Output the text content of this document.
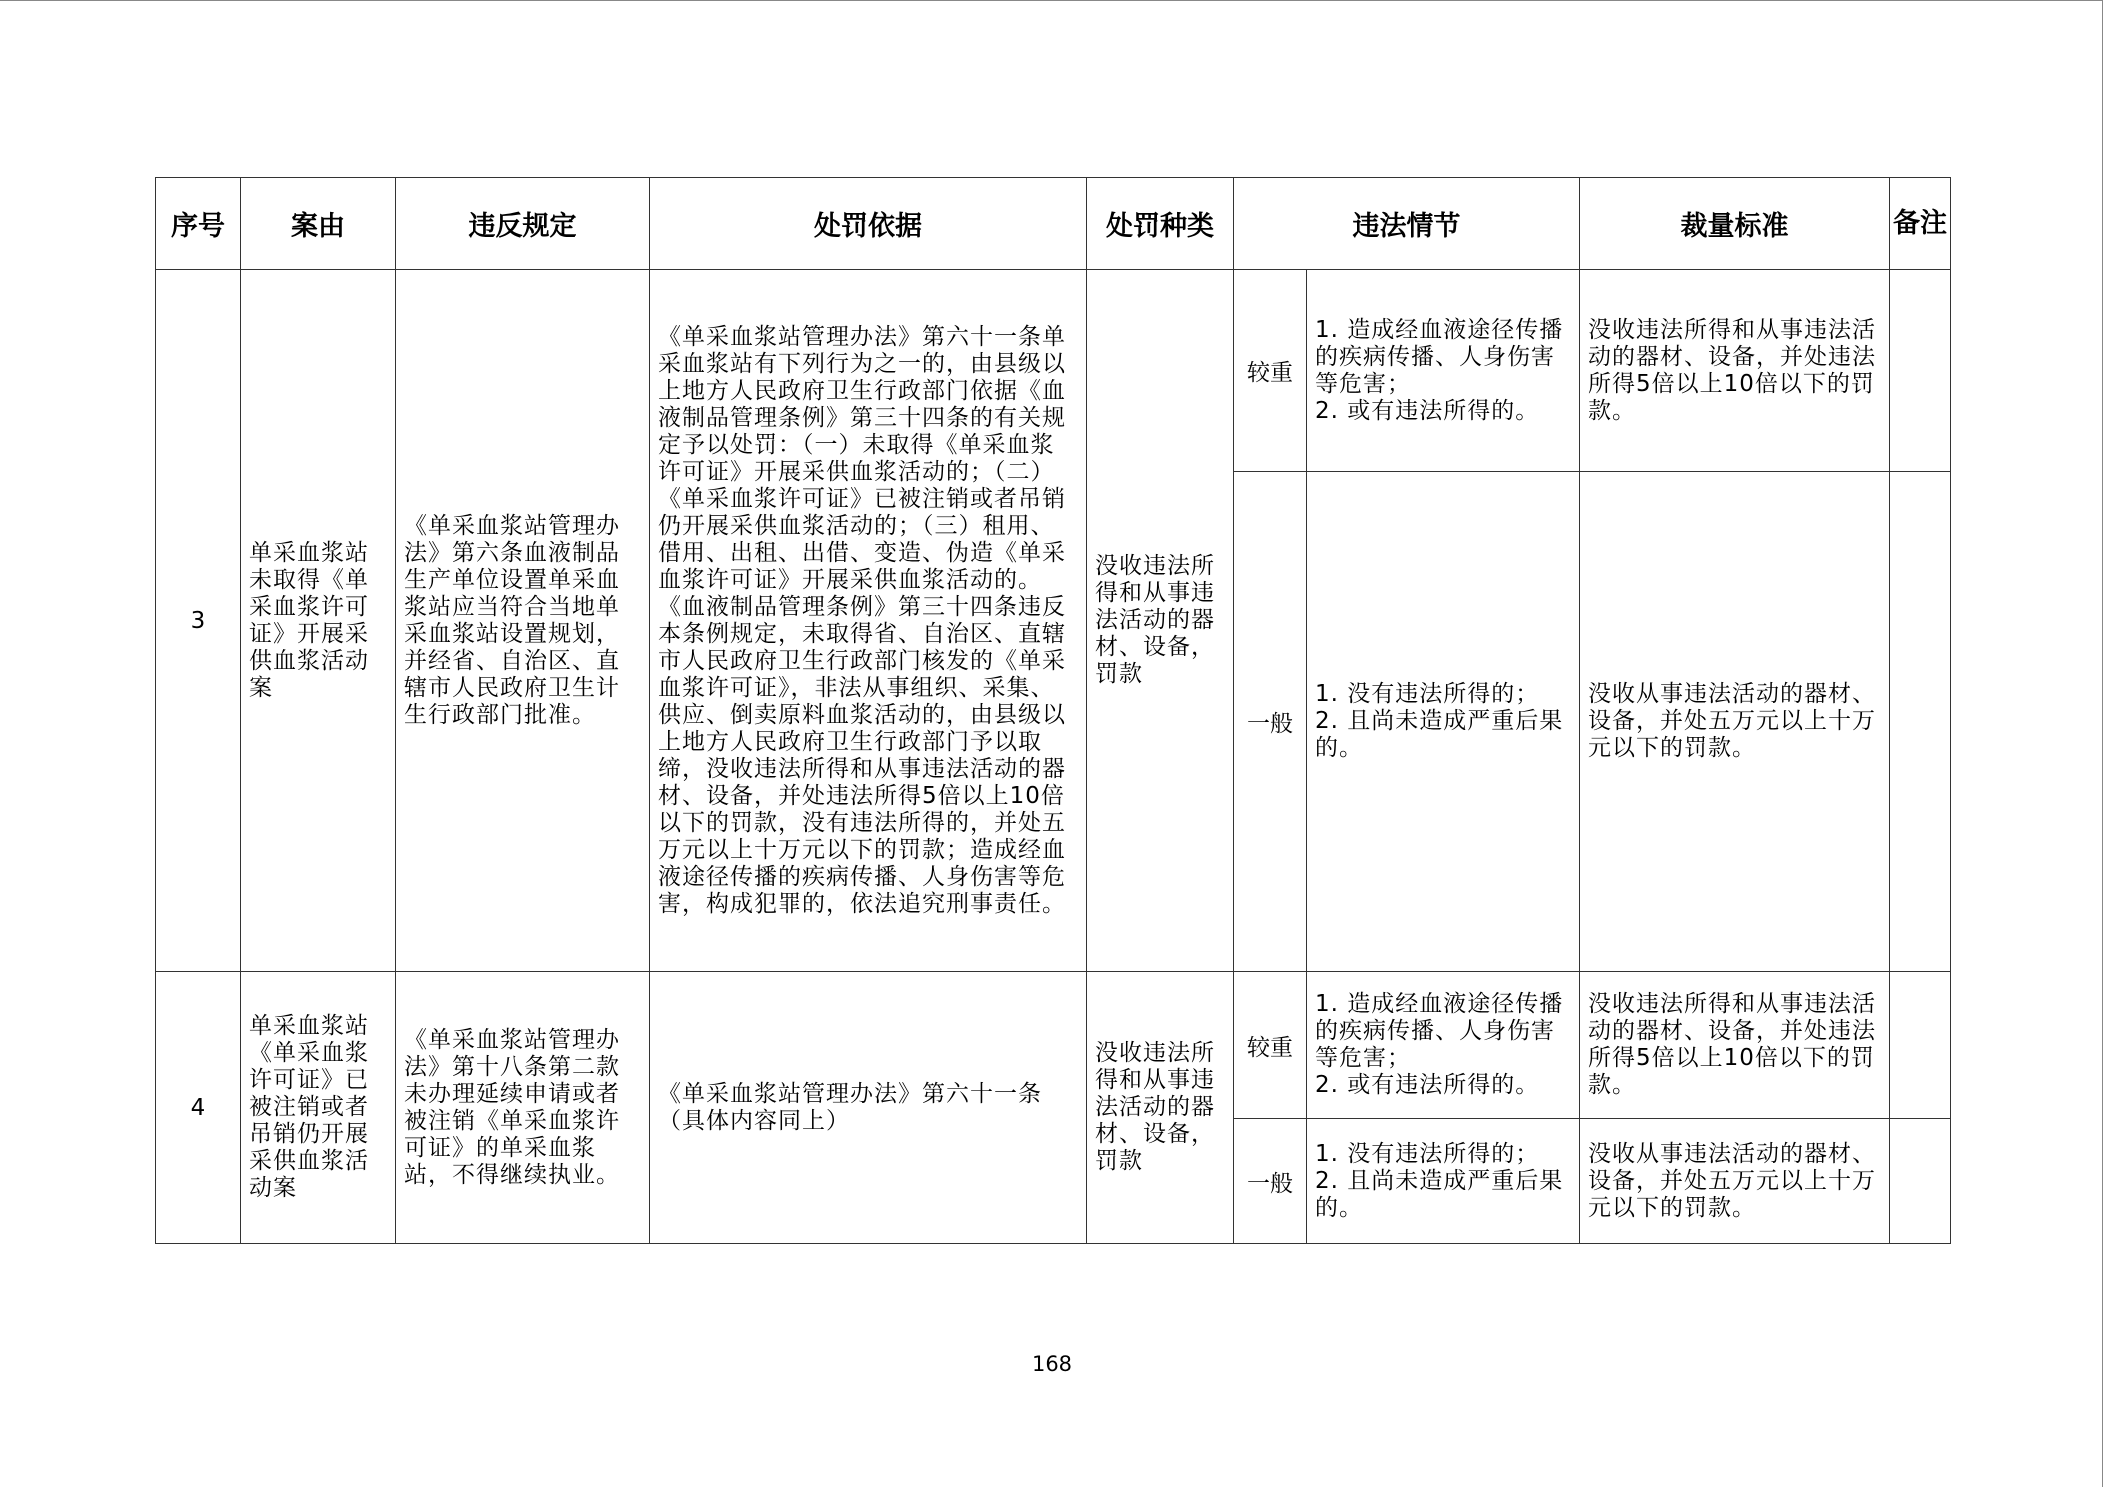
序号	案由	违反规定	处罚依据	处罚种类	违法情节		裁量标准	备注
3	单采血浆站未取得《单采血浆许可证》开展采供血浆活动案	《单采血浆站管理办法》第六条血液制品生产单位设置单采血浆站应当符合当地单采血浆站设置规划，并经省、自治区、直辖市人民政府卫生计生行政部门批准。	《单采血浆站管理办法》第六十一条单采血浆站有下列行为之一的，由县级以上地方人民政府卫生行政部门依据《血液制品管理条例》第三十四条的有关规定予以处罚：（一）未取得《单采血浆许可证》开展采供血浆活动的；（二）《单采血浆许可证》已被注销或者吊销仍开展采供血浆活动的；（三）租用、借用、出租、出借、变造、伪造《单采血浆许可证》开展采供血浆活动的。《血液制品管理条例》第三十四条违反本条例规定，未取得省、自治区、直辖市人民政府卫生行政部门核发的《单采血浆许可证》，非法从事组织、采集、供应、倒卖原料血浆活动的，由县级以上地方人民政府卫生行政部门予以取缔，没收违法所得和从事违法活动的器材、设备，并处违法所得5倍以上10倍以下的罚款，没有违法所得的，并处五万元以上十万元以下的罚款；造成经血液途径传播的疾病传播、人身伤害等危害，构成犯罪的，依法追究刑事责任。	没收违法所得和从事违法活动的器材、设备，罚款	较重	1. 造成经血液途径传播的疾病传播、人身伤害等危害；
2. 或有违法所得的。	没收违法所得和从事违法活动的器材、设备，并处违法所得5倍以上10倍以下的罚款。	

					一般	1. 没有违法所得的；
2. 且尚未造成严重后果的。	没收从事违法活动的器材、设备，并处五万元以上十万元以下的罚款。	

4	单采血浆站《单采血浆许可证》已被注销或者吊销仍开展采供血浆活动案	《单采血浆站管理办法》第十八条第二款未办理延续申请或者被注销《单采血浆许可证》的单采血浆站，不得继续执业。	《单采血浆站管理办法》第六十一条（具体内容同上）	没收违法所得和从事违法活动的器材、设备，罚款	较重	1. 造成经血液途径传播的疾病传播、人身伤害等危害；
2. 或有违法所得的。	没收违法所得和从事违法活动的器材、设备，并处违法所得5倍以上10倍以下的罚款。	

					一般	1. 没有违法所得的；
2. 且尚未造成严重后果的。	没收从事违法活动的器材、设备，并处五万元以上十万元以下的罚款。	

168
